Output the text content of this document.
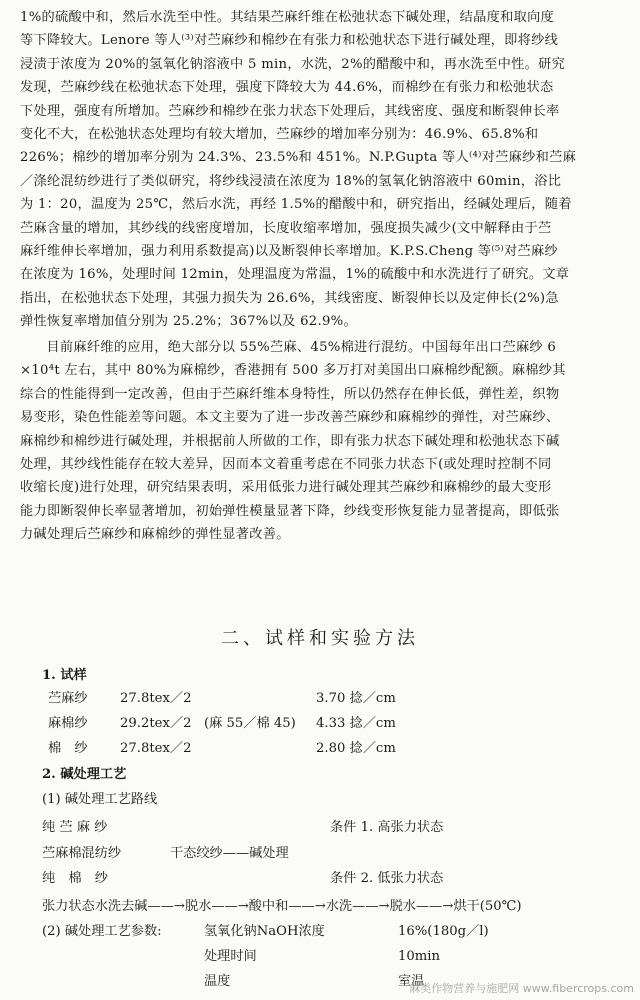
1%的硫酸中和，然后水洗至中性。其结果苎麻纤维在松弛状态下碱处理，结晶度和取向度
等下降较大。Lenore 等人⁽³⁾对苎麻纱和棉纱在有张力和松弛状态下进行碱处理，即将纱线
浸渍于浓度为 20%的氢氧化钠溶液中 5 min，水洗，2%的醋酸中和，再水洗至中性。研究
发现，苎麻纱线在松弛状态下处理，强度下降较大为 44.6%，而棉纱在有张力和松弛状态
下处理，强度有所增加。苎麻纱和棉纱在张力状态下处理后，其线密度、强度和断裂伸长率
变化不大，在松弛状态处理均有较大增加，苎麻纱的增加率分别为：46.9%、65.8%和
226%；棉纱的增加率分别为 24.3%、23.5%和 451%。N.P.Gupta 等人⁽⁴⁾对苎麻纱和苎麻
／涤纶混纺纱进行了类似研究，将纱线浸渍在浓度为 18%的氢氧化钠溶液中 60min，浴比
为 1：20，温度为 25℃，然后水洗，再经 1.5%的醋酸中和，研究指出，经碱处理后，随着
苎麻含量的增加，其纱线的线密度增加，长度收缩率增加，强度损失减少(文中解释由于苎
麻纤维伸长率增加，强力利用系数提高)以及断裂伸长率增加。K.P.S.Cheng 等⁽⁵⁾对苎麻纱
在浓度为 16%，处理时间 12min，处理温度为常温，1%的硫酸中和水洗进行了研究。文章
指出，在松弛状态下处理，其强力损失为 26.6%，其线密度、断裂伸长以及定伸长(2%)急
弹性恢复率增加值分别为 25.2%；367%以及 62.9%。
目前麻纤维的应用，绝大部分以 55%苎麻、45%棉进行混纺。中国每年出口苎麻纱 6
×10⁴t 左右，其中 80%为麻棉纱，香港拥有 500 多万打对美国出口麻棉纱配额。麻棉纱其
综合的性能得到一定改善，但由于苎麻纤维本身特性，所以仍然存在伸长低，弹性差，织物
易变形，染色性能差等问题。本文主要为了进一步改善苎麻纱和麻棉纱的弹性，对苎麻纱、
麻棉纱和棉纱进行碱处理，并根据前人所做的工作，即有张力状态下碱处理和松弛状态下碱
处理，其纱线性能存在较大差异，因而本文着重考虑在不同张力状态下(或处理时控制不同
收缩长度)进行处理，研究结果表明，采用低张力进行碱处理其苎麻纱和麻棉纱的最大变形
能力即断裂伸长率显著增加，初始弹性模量显著下降，纱线变形恢复能力显著提高，即低张
力碱处理后苎麻纱和麻棉纱的弹性显著改善。
二、试样和实验方法
1. 试样
苎麻纱 27.8tex／2	3.70 捻／cm
麻棉纱 29.2tex／2 (麻 55／棉 45) 4.33 捻／cm
棉　纱 27.8tex／2	2.80 捻／cm
2. 碱处理工艺
(1) 碱处理工艺路线
纯 苎 麻 纱	条件 1. 高张力状态
苎麻棉混纺纱	干态绞纱——碱处理
纯　棉　纱	条件 2. 低张力状态
张力状态水洗去碱——→脱水——→酸中和——→水洗——→脱水——→烘干(50℃)
(2) 碱处理工艺参数:	氢氧化钠NaOH浓度	16%(180g／l)
处理时间	10min
温度	室温
麻类作物营养与施肥网 www.fibercrops.com
